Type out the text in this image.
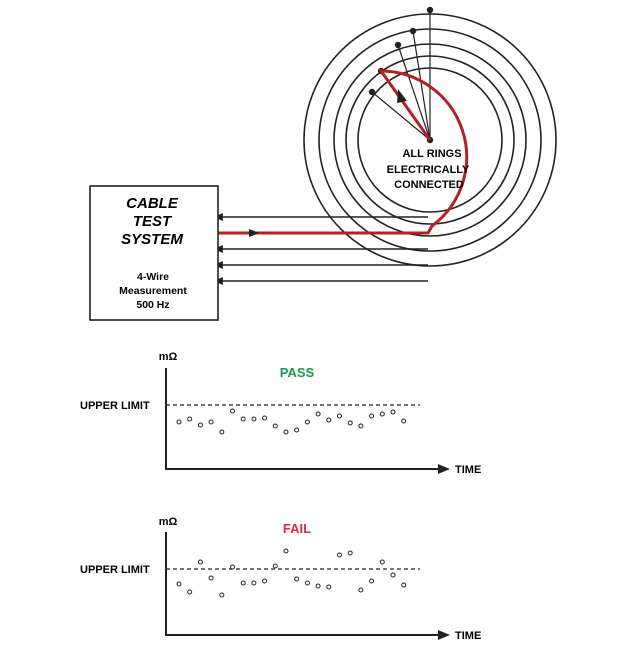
ALL RINGS
ELECTRICALLY
CONNECTED
CABLE
TEST
SYSTEM
4-Wire
Measurement
500 Hz
mΩ
TIME
UPPER LIMIT
PASS
mΩ
TIME
UPPER LIMIT
FAIL
